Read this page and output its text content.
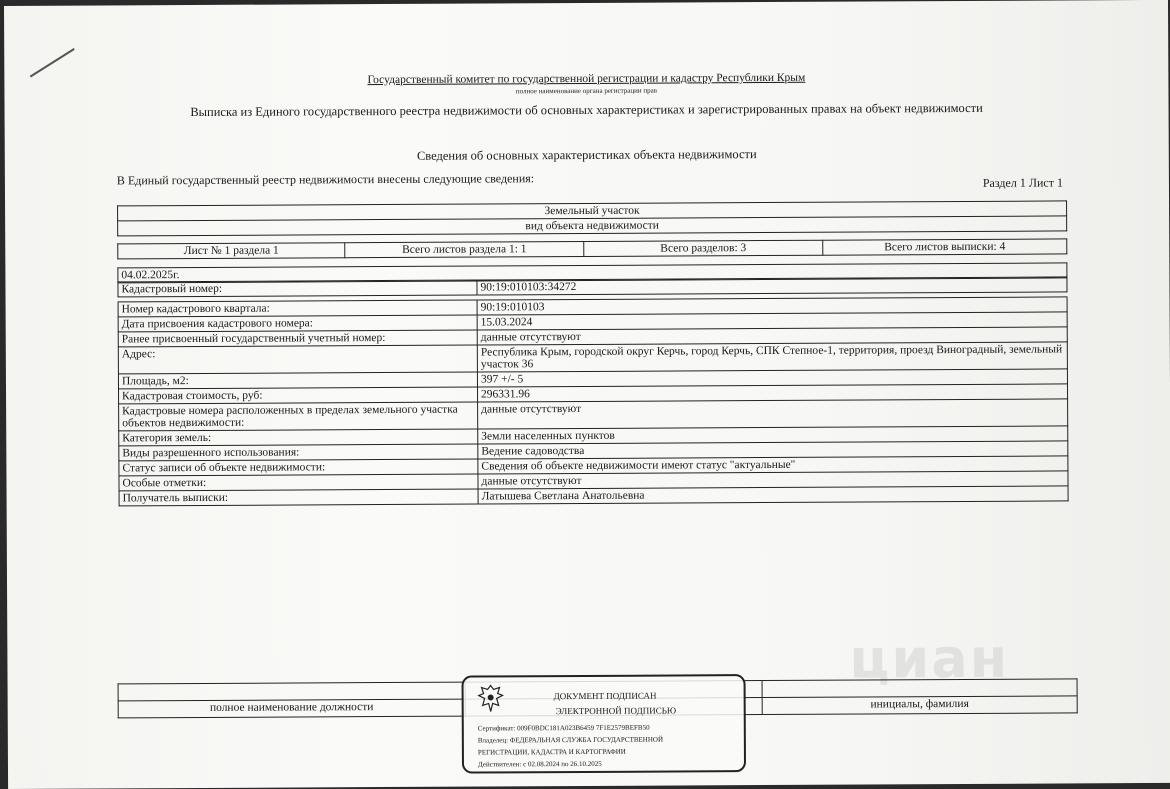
Государственный комитет по государственной регистрации и кадастру Республики Крым
полное наименование органа регистрации прав
Выписка из Единого государственного реестра недвижимости об основных характеристиках и зарегистрированных правах на объект недвижимости
Сведения об основных характеристиках объекта недвижимости
В Единый государственный реестр недвижимости внесены следующие сведения:	Раздел 1 Лист 1
Земельный участок
вид объекта недвижимости
Лист № 1 раздела 1	Всего листов раздела 1: 1	Всего разделов: 3	Всего листов выписки: 4
04.02.2025г.
Кадастровый номер:	90:19:010103:34272

Номер кадастрового квартала:	90:19:010103
Дата присвоения кадастрового номера:	15.03.2024
Ранее присвоенный государственный учетный номер:	данные отсутствуют
Адрес:	Республика Крым, городской округ Керчь, город Керчь, СПК Степное-1, территория, проезд Виноградный, земельный участок 36
Площадь, м2:	397 +/- 5
Кадастровая стоимость, руб:	296331.96
Кадастровые номера расположенных в пределах земельного участка объектов недвижимости:	данные отсутствуют
Категория земель:	Земли населенных пунктов
Виды разрешенного использования:	Ведение садоводства
Статус записи об объекте недвижимости:	Сведения об объекте недвижимости имеют статус "актуальные"
Особые отметки:	данные отсутствуют
Получатель выписки:	Латышева Светлана Анатольевна
циан

полное наименование должности		инициалы, фамилия
ДОКУМЕНТ ПОДПИСАН
ЭЛЕКТРОННОЙ ПОДПИСЬЮ
Сертификат: 009F0BDC181A023B6459 7F1E2579BEFB50
Владелец: ФЕДЕРАЛЬНАЯ СЛУЖБА ГОСУДАРСТВЕННОЙ
РЕГИСТРАЦИИ, КАДАСТРА И КАРТОГРАФИИ
Действителен: с 02.08.2024 по 26.10.2025
